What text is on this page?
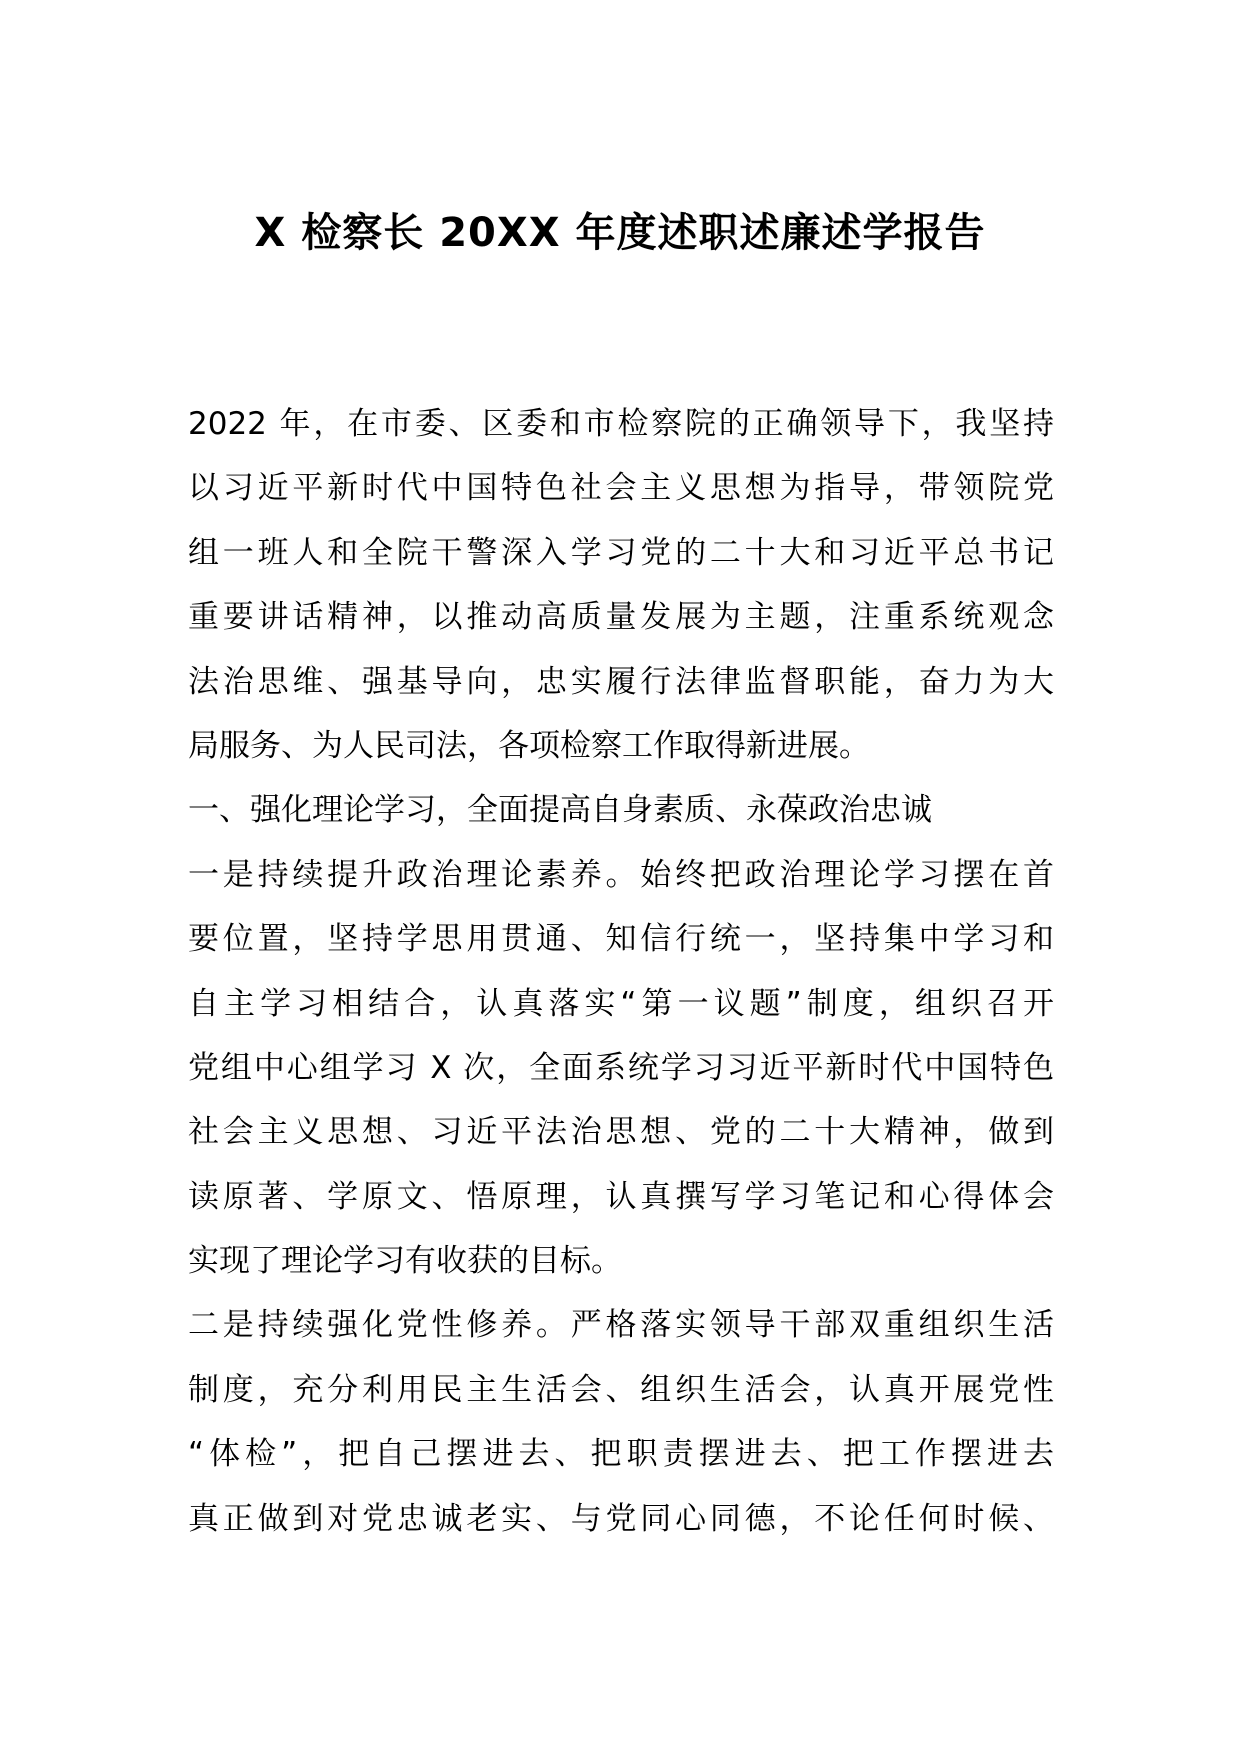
X 检察长 20XX 年度述职述廉述学报告
2022 年，在市委、区委和市检察院的正确领导下，我坚持
以习近平新时代中国特色社会主义思想为指导，带领院党
组一班人和全院干警深入学习党的二十大和习近平总书记
重要讲话精神，以推动高质量发展为主题，注重系统观念
法治思维、强基导向，忠实履行法律监督职能，奋力为大
局服务、为人民司法，各项检察工作取得新进展。
一、强化理论学习，全面提高自身素质、永葆政治忠诚
一是持续提升政治理论素养。始终把政治理论学习摆在首
要位置，坚持学思用贯通、知信行统一，坚持集中学习和
自主学习相结合，认真落实“第一议题”制度，组织召开
党组中心组学习 X 次，全面系统学习习近平新时代中国特色
社会主义思想、习近平法治思想、党的二十大精神，做到
读原著、学原文、悟原理，认真撰写学习笔记和心得体会
实现了理论学习有收获的目标。
二是持续强化党性修养。严格落实领导干部双重组织生活
制度，充分利用民主生活会、组织生活会，认真开展党性
“体检”，把自己摆进去、把职责摆进去、把工作摆进去
真正做到对党忠诚老实、与党同心同德，不论任何时候、
